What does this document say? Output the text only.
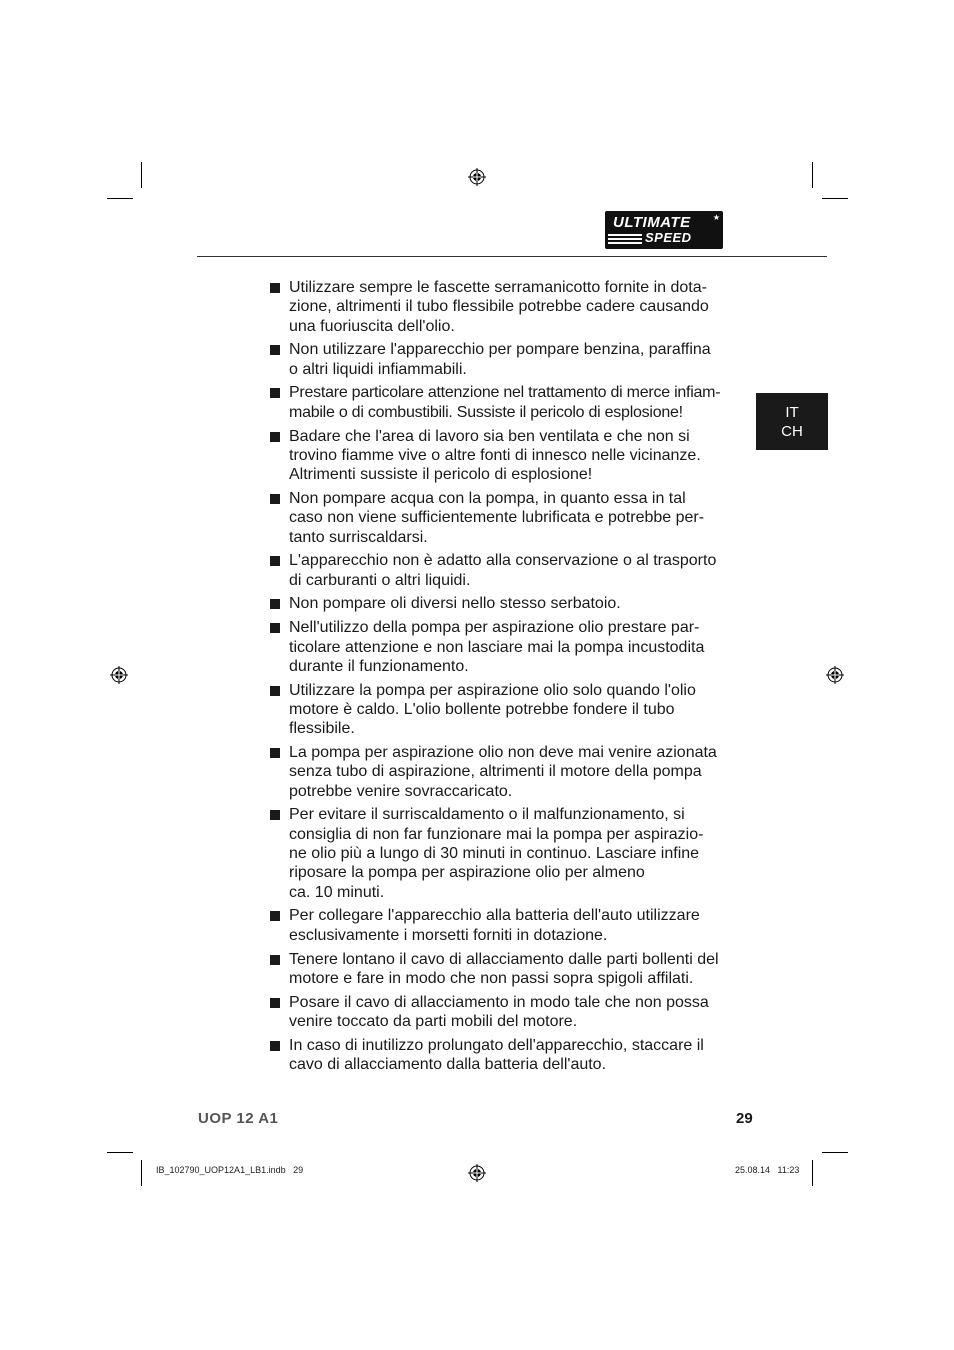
ULTIMATE
SPEED
★
IT
CH
Utilizzare sempre le fascette serramanicotto fornite in dota-
zione, altrimenti il tubo flessibile potrebbe cadere causando
una fuoriuscita dell'olio.
Non utilizzare l'apparecchio per pompare benzina, paraffina
o altri liquidi infiammabili.
Prestare particolare attenzione nel trattamento di merce infiam-
mabile o di combustibili. Sussiste il pericolo di esplosione!
Badare che l'area di lavoro sia ben ventilata e che non si
trovino fiamme vive o altre fonti di innesco nelle vicinanze.
Altrimenti sussiste il pericolo di esplosione!
Non pompare acqua con la pompa, in quanto essa in tal
caso non viene sufficientemente lubrificata e potrebbe per-
tanto surriscaldarsi.
L'apparecchio non è adatto alla conservazione o al trasporto
di carburanti o altri liquidi.
Non pompare oli diversi nello stesso serbatoio.
Nell'utilizzo della pompa per aspirazione olio prestare par-
ticolare attenzione e non lasciare mai la pompa incustodita
durante il funzionamento.
Utilizzare la pompa per aspirazione olio solo quando l'olio
motore è caldo. L'olio bollente potrebbe fondere il tubo
flessibile.
La pompa per aspirazione olio non deve mai venire azionata
senza tubo di aspirazione, altrimenti il motore della pompa
potrebbe venire sovraccaricato.
Per evitare il surriscaldamento o il malfunzionamento, si
consiglia di non far funzionare mai la pompa per aspirazio-
ne olio più a lungo di 30 minuti in continuo. Lasciare infine
riposare la pompa per aspirazione olio per almeno
ca. 10 minuti.
Per collegare l'apparecchio alla batteria dell'auto utilizzare
esclusivamente i morsetti forniti in dotazione.
Tenere lontano il cavo di allacciamento dalle parti bollenti del
motore e fare in modo che non passi sopra spigoli affilati.
Posare il cavo di allacciamento in modo tale che non possa
venire toccato da parti mobili del motore.
In caso di inutilizzo prolungato dell'apparecchio, staccare il
cavo di allacciamento dalla batteria dell'auto.
UOP 12 A1	29
IB_102790_UOP12A1_LB1.indb   29	25.08.14   11:23
